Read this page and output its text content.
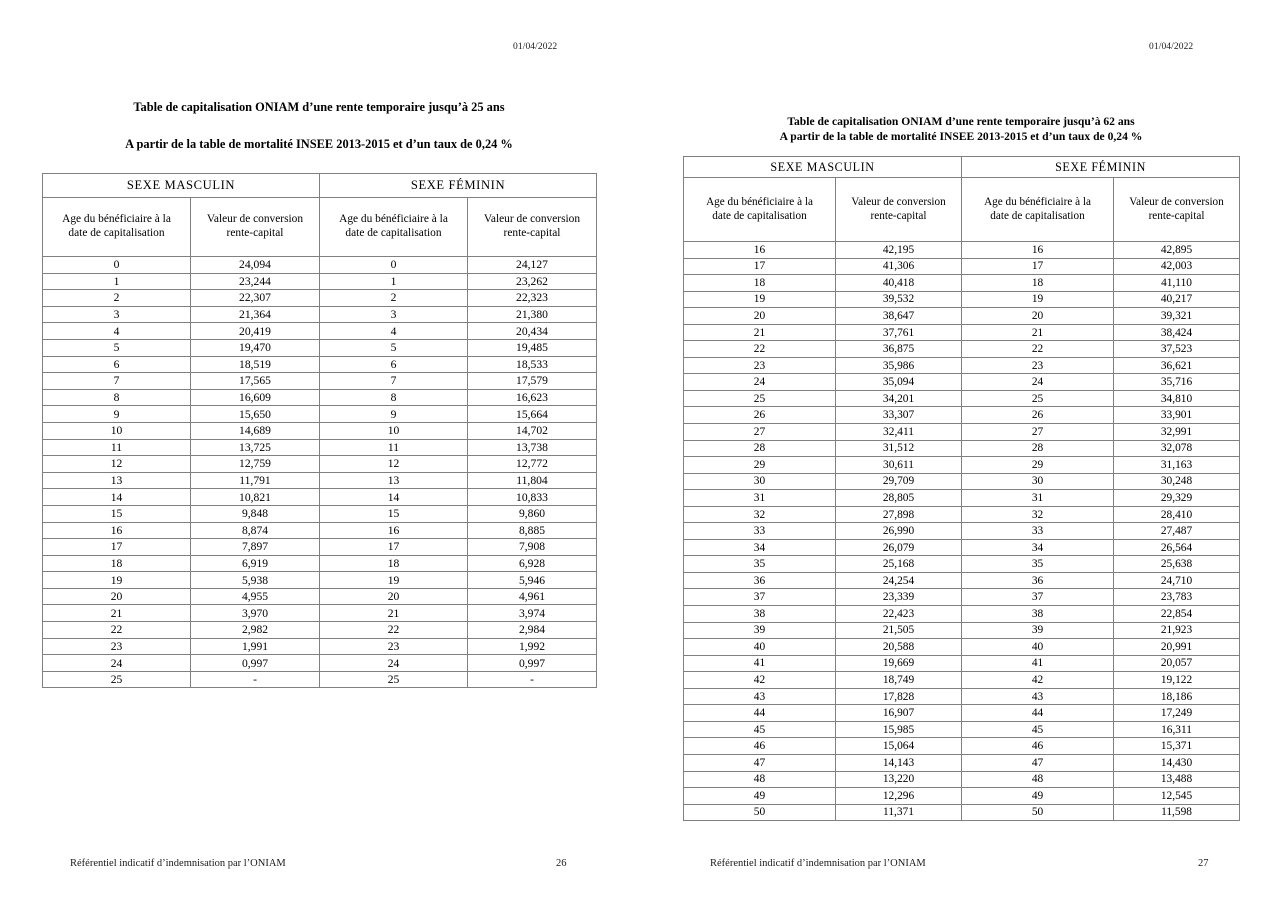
01/04/2022	01/04/2022
Table de capitalisation ONIAM d’une rente temporaire jusqu’à 25 ans
A partir de la table de mortalité INSEE 2013-2015 et d’un taux de 0,24 %
SEXE MASCULIN		SEXE FÉMININ	

Age du bénéficiaire à la
date de capitalisation

Valeur de conversion
rente-capital

Age du bénéficiaire à la
date de capitalisation

Valeur de conversion
rente-capital

0	24,094	0	24,127
1	23,244	1	23,262
2	22,307	2	22,323
3	21,364	3	21,380
4	20,419	4	20,434
5	19,470	5	19,485
6	18,519	6	18,533
7	17,565	7	17,579
8	16,609	8	16,623
9	15,650	9	15,664
10	14,689	10	14,702
11	13,725	11	13,738
12	12,759	12	12,772
13	11,791	13	11,804
14	10,821	14	10,833
15	9,848	15	9,860
16	8,874	16	8,885
17	7,897	17	7,908
18	6,919	18	6,928
19	5,938	19	5,946
20	4,955	20	4,961
21	3,970	21	3,974
22	2,982	22	2,984
23	1,991	23	1,992
24	0,997	24	0,997
25	-	25	-
Table de capitalisation ONIAM d’une rente temporaire jusqu’à 62 ans
A partir de la table de mortalité INSEE 2013-2015 et d’un taux de 0,24 %
SEXE MASCULIN		SEXE FÉMININ	

Age du bénéficiaire à la
date de capitalisation

Valeur de conversion
rente-capital

Age du bénéficiaire à la
date de capitalisation

Valeur de conversion
rente-capital

16	42,195	16	42,895
17	41,306	17	42,003
18	40,418	18	41,110
19	39,532	19	40,217
20	38,647	20	39,321
21	37,761	21	38,424
22	36,875	22	37,523
23	35,986	23	36,621
24	35,094	24	35,716
25	34,201	25	34,810
26	33,307	26	33,901
27	32,411	27	32,991
28	31,512	28	32,078
29	30,611	29	31,163
30	29,709	30	30,248
31	28,805	31	29,329
32	27,898	32	28,410
33	26,990	33	27,487
34	26,079	34	26,564
35	25,168	35	25,638
36	24,254	36	24,710
37	23,339	37	23,783
38	22,423	38	22,854
39	21,505	39	21,923
40	20,588	40	20,991
41	19,669	41	20,057
42	18,749	42	19,122
43	17,828	43	18,186
44	16,907	44	17,249
45	15,985	45	16,311
46	15,064	46	15,371
47	14,143	47	14,430
48	13,220	48	13,488
49	12,296	49	12,545
50	11,371	50	11,598
Référentiel indicatif d’indemnisation par l’ONIAM	26	Référentiel indicatif d’indemnisation par l’ONIAM	27
